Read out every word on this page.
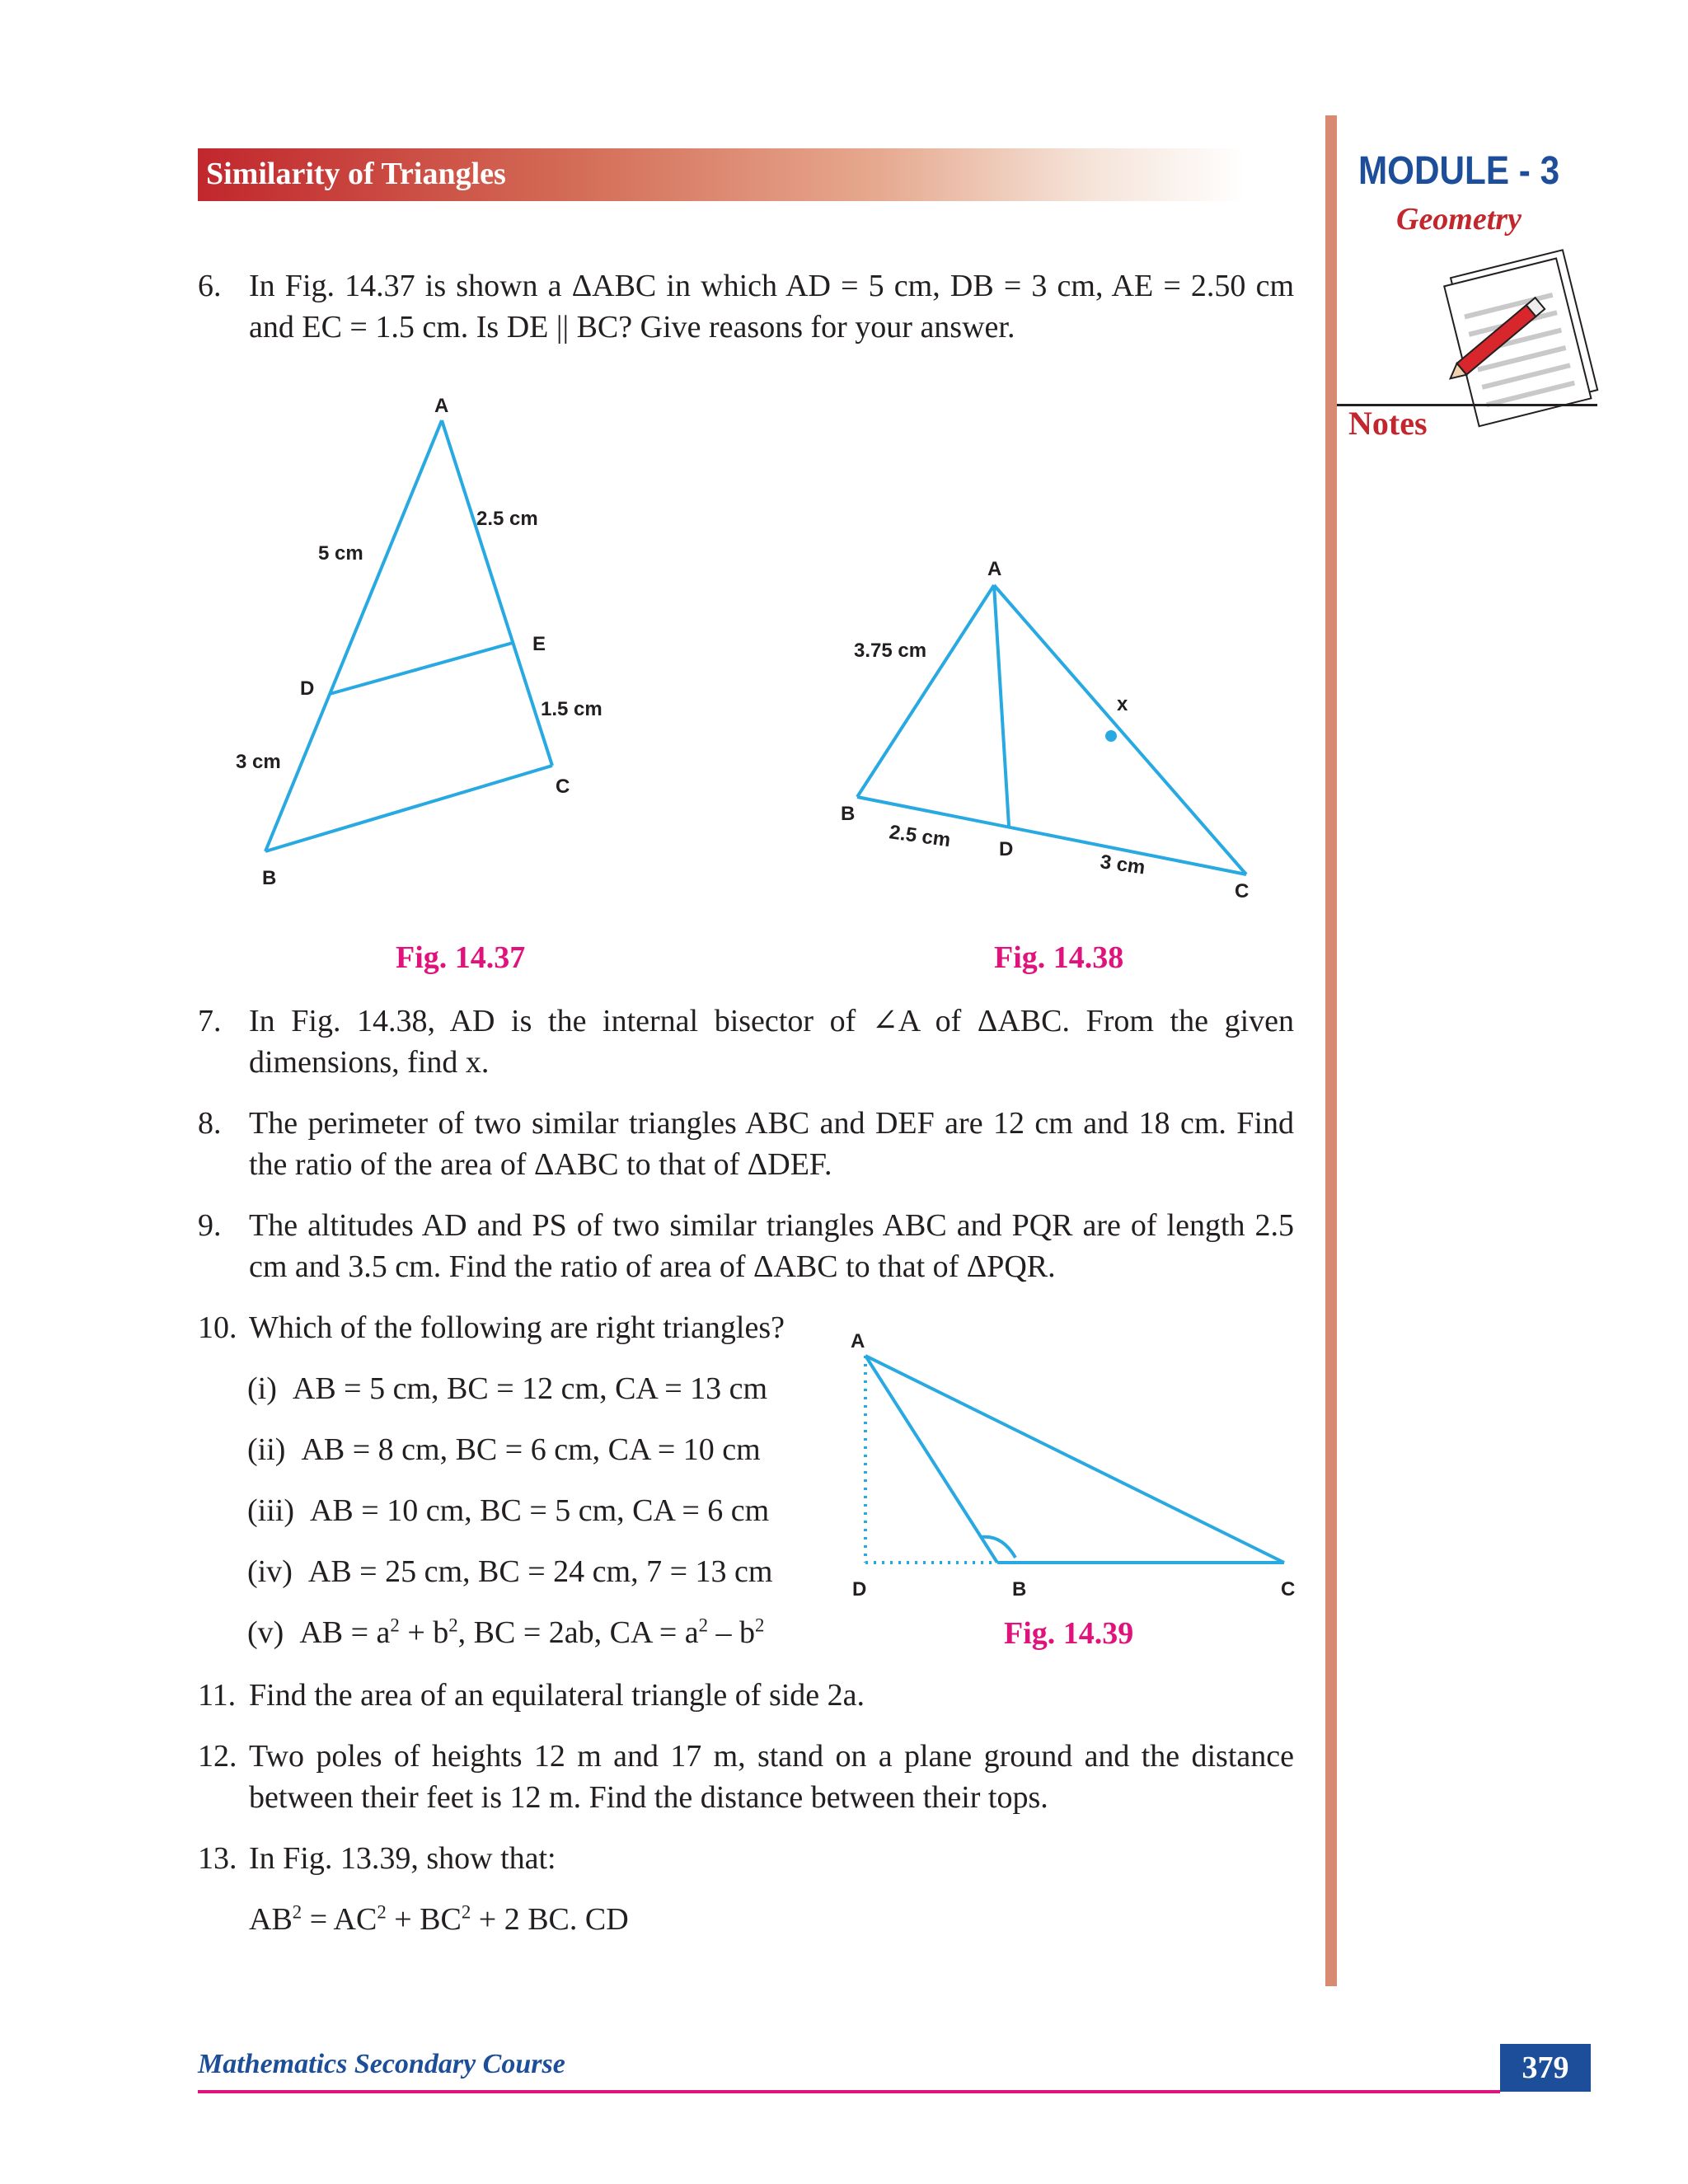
Similarity of Triangles	MODULE - 3
Geometry
Notes
6. In Fig. 14.37 is shown a ΔABC in which AD = 5 cm, DB = 3 cm, AE = 2.50 cm and EC = 1.5 cm. Is DE || BC? Give reasons for your answer.
A
B
C
D
E
5 cm
2.5 cm
1.5 cm
3 cm
A
B
C
D
x
3.75 cm
2.5 cm
3 cm
Fig. 14.37	Fig. 14.38
7. In Fig. 14.38, AD is the internal bisector of ∠A of ΔABC. From the given dimensions, find x.
8. The perimeter of two similar triangles ABC and DEF are 12 cm and 18 cm. Find the ratio of the area of ΔABC to that of ΔDEF.
9. The altitudes AD and PS of two similar triangles ABC and PQR are of length 2.5 cm and 3.5 cm. Find the ratio of area of ΔABC to that of ΔPQR.
10. Which of the following are right triangles?
(i) AB = 5 cm, BC = 12 cm, CA = 13 cm
(ii) AB = 8 cm, BC = 6 cm, CA = 10 cm
(iii) AB = 10 cm, BC = 5 cm, CA = 6 cm
(iv) AB = 25 cm, BC = 24 cm, 7 = 13 cm
(v) AB = $a^2 + b^2$, BC = 2ab, CA = $a^2 - b^2$
A
D	B	C
Fig. 14.39
11. Find the area of an equilateral triangle of side 2a.
12. Two poles of heights 12 m and 17 m, stand on a plane ground and the distance between their feet is 12 m. Find the distance between their tops.
13. In Fig. 13.39, show that:
$AB^2 = AC^2 + BC^2 + 2$ BC. CD
Mathematics Secondary Course	379
